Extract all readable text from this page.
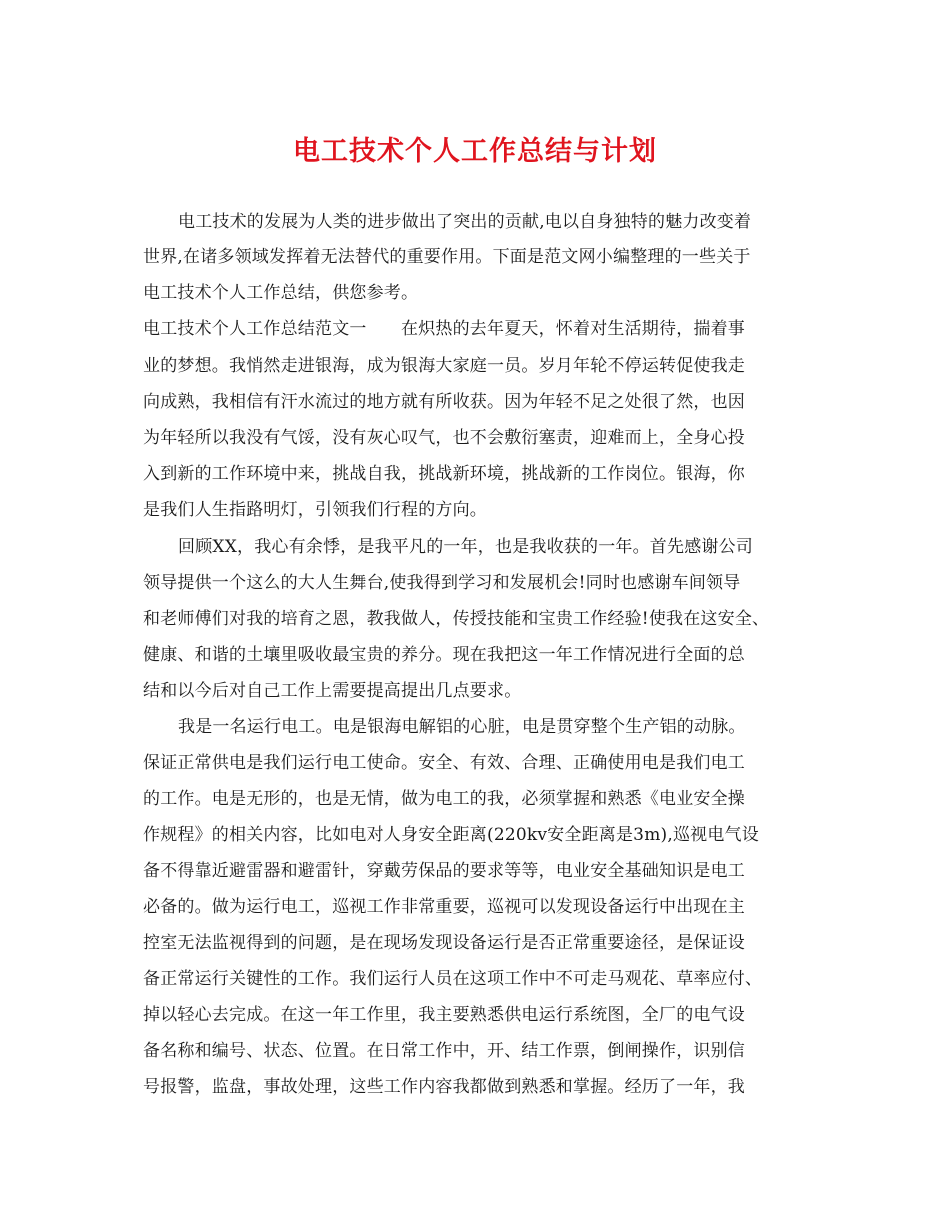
电工技术个人工作总结与计划
电工技术的发展为人类的进步做出了突出的贡献,电以自身独特的魅力改变着
世界,在诸多领域发挥着无法替代的重要作用。下面是范文网小编整理的一些关于
电工技术个人工作总结，供您参考。
电工技术个人工作总结范文一　　在炽热的去年夏天，怀着对生活期待，揣着事
业的梦想。我悄然走进银海，成为银海大家庭一员。岁月年轮不停运转促使我走
向成熟，我相信有汗水流过的地方就有所收获。因为年轻不足之处很了然，也因
为年轻所以我没有气馁，没有灰心叹气，也不会敷衍塞责，迎难而上，全身心投
入到新的工作环境中来，挑战自我，挑战新环境，挑战新的工作岗位。银海，你
是我们人生指路明灯，引领我们行程的方向。
回顾XX，我心有余悸，是我平凡的一年，也是我收获的一年。首先感谢公司
领导提供一个这么的大人生舞台,使我得到学习和发展机会!同时也感谢车间领导
和老师傅们对我的培育之恩，教我做人，传授技能和宝贵工作经验!使我在这安全、
健康、和谐的土壤里吸收最宝贵的养分。现在我把这一年工作情况进行全面的总
结和以今后对自己工作上需要提高提出几点要求。
我是一名运行电工。电是银海电解铝的心脏，电是贯穿整个生产铝的动脉。
保证正常供电是我们运行电工使命。安全、有效、合理、正确使用电是我们电工
的工作。电是无形的，也是无情，做为电工的我，必须掌握和熟悉《电业安全操
作规程》的相关内容，比如电对人身安全距离(220kv安全距离是3m),巡视电气设
备不得靠近避雷器和避雷针，穿戴劳保品的要求等等，电业安全基础知识是电工
必备的。做为运行电工，巡视工作非常重要，巡视可以发现设备运行中出现在主
控室无法监视得到的问题，是在现场发现设备运行是否正常重要途径，是保证设
备正常运行关键性的工作。我们运行人员在这项工作中不可走马观花、草率应付、
掉以轻心去完成。在这一年工作里，我主要熟悉供电运行系统图，全厂的电气设
备名称和编号、状态、位置。在日常工作中，开、结工作票，倒闸操作，识别信
号报警，监盘，事故处理，这些工作内容我都做到熟悉和掌握。经历了一年，我
